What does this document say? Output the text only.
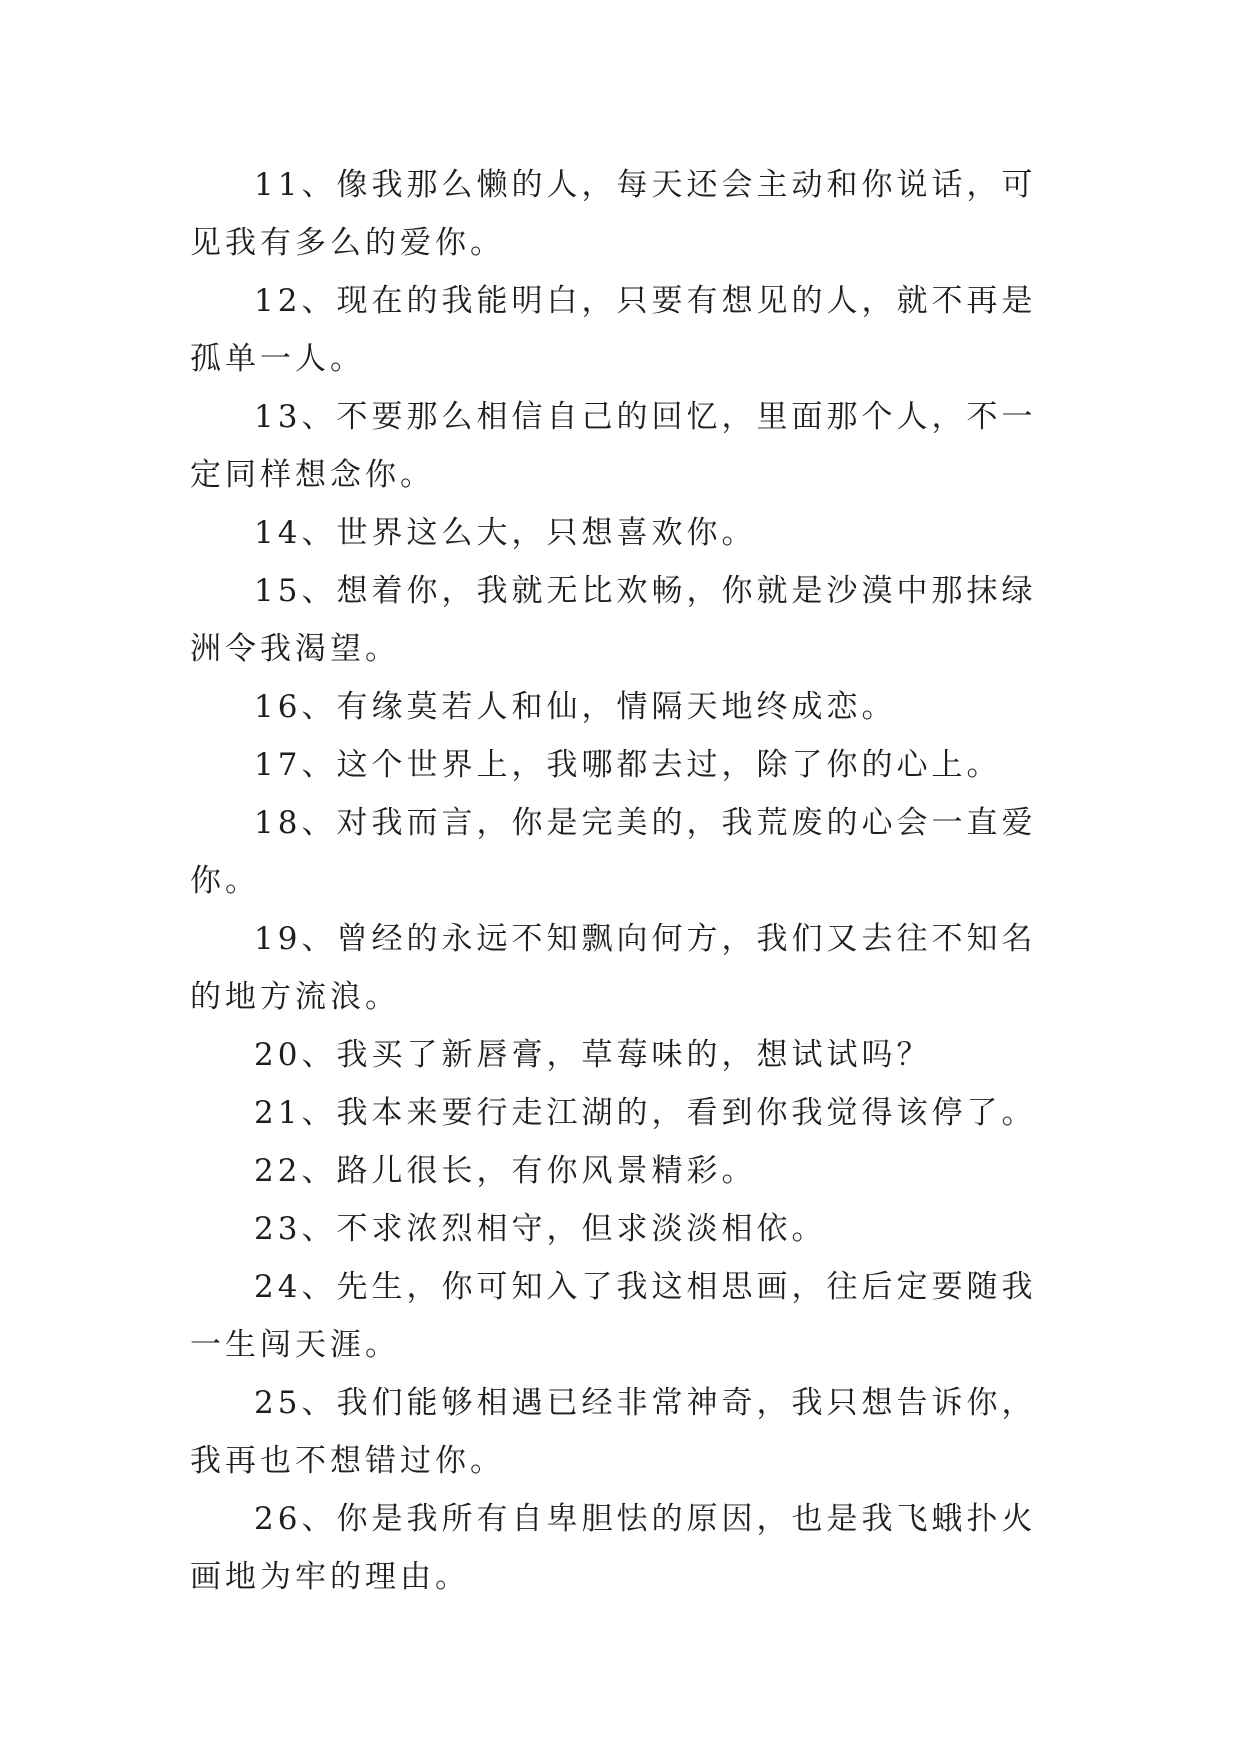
11、像我那么懒的人，每天还会主动和你说话，可见我有多么的爱你。

12、现在的我能明白，只要有想见的人，就不再是孤单一人。

13、不要那么相信自己的回忆，里面那个人，不一定同样想念你。

14、世界这么大，只想喜欢你。

15、想着你，我就无比欢畅，你就是沙漠中那抹绿洲令我渴望。

16、有缘莫若人和仙，情隔天地终成恋。

17、这个世界上，我哪都去过，除了你的心上。

18、对我而言，你是完美的，我荒废的心会一直爱你。

19、曾经的永远不知飘向何方，我们又去往不知名的地方流浪。

20、我买了新唇膏，草莓味的，想试试吗？

21、我本来要行走江湖的，看到你我觉得该停了。

22、路儿很长，有你风景精彩。

23、不求浓烈相守，但求淡淡相依。

24、先生，你可知入了我这相思画，往后定要随我一生闯天涯。

25、我们能够相遇已经非常神奇，我只想告诉你，我再也不想错过你。

26、你是我所有自卑胆怯的原因，也是我飞蛾扑火画地为牢的理由。
